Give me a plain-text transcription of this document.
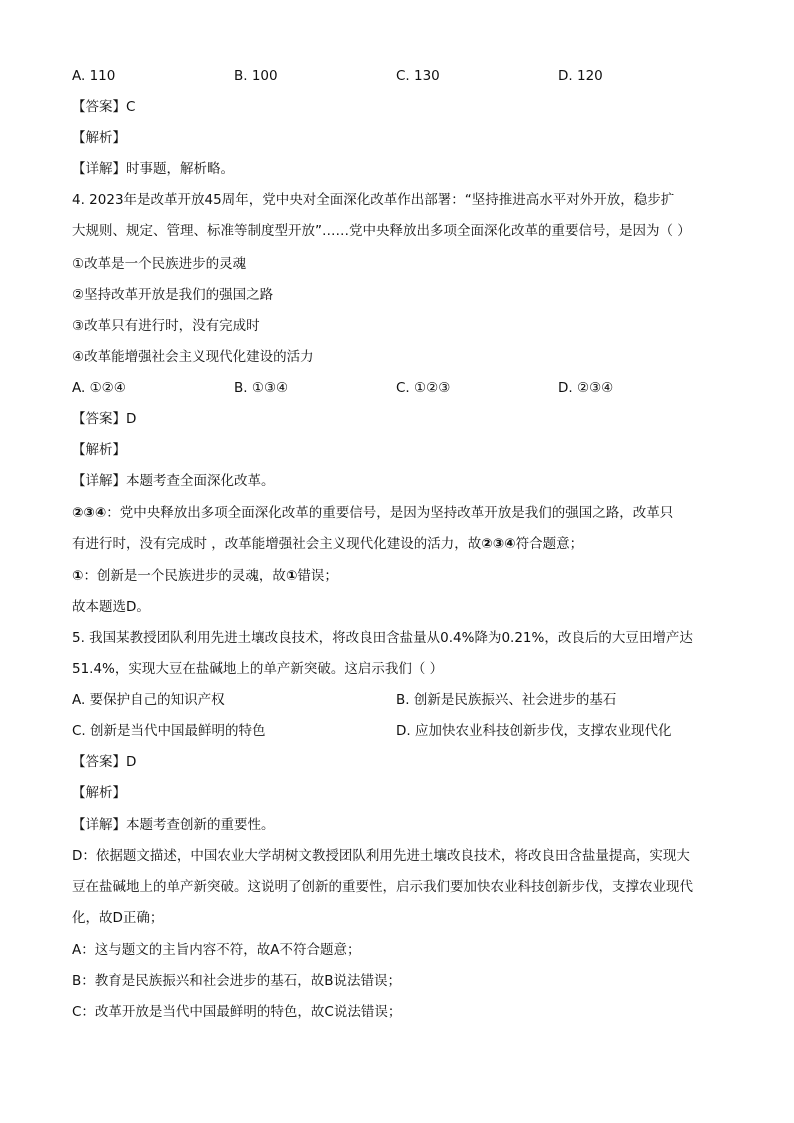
A. 110	B. 100	C. 130	D. 120
【答案】C
【解析】
【详解】时事题，解析略。
4. 2023年是改革开放45周年，党中央对全面深化改革作出部署：“坚持推进高水平对外开放，稳步扩
大规则、规定、管理、标准等制度型开放”……党中央释放出多项全面深化改革的重要信号，是因为（ ）
①改革是一个民族进步的灵魂
②坚持改革开放是我们的强国之路
③改革只有进行时，没有完成时
④改革能增强社会主义现代化建设的活力
A. ①②④	B. ①③④	C. ①②③	D. ②③④
【答案】D
【解析】
【详解】本题考查全面深化改革。
②③④：党中央释放出多项全面深化改革的重要信号，是因为坚持改革开放是我们的强国之路，改革只
有进行时，没有完成时 ，改革能增强社会主义现代化建设的活力，故②③④符合题意；
①：创新是一个民族进步的灵魂，故①错误；
故本题选D。
5. 我国某教授团队利用先进土壤改良技术，将改良田含盐量从0.4%降为0.21%，改良后的大豆田增产达
51.4%，实现大豆在盐碱地上的单产新突破。这启示我们（ ）
A. 要保护自己的知识产权	B. 创新是民族振兴、社会进步的基石
C. 创新是当代中国最鲜明的特色	D. 应加快农业科技创新步伐，支撑农业现代化
【答案】D
【解析】
【详解】本题考查创新的重要性。
D：依据题文描述，中国农业大学胡树文教授团队利用先进土壤改良技术，将改良田含盐量提高，实现大
豆在盐碱地上的单产新突破。这说明了创新的重要性，启示我们要加快农业科技创新步伐，支撑农业现代
化，故D正确；
A：这与题文的主旨内容不符，故A不符合题意；
B：教育是民族振兴和社会进步的基石，故B说法错误；
C：改革开放是当代中国最鲜明的特色，故C说法错误；
